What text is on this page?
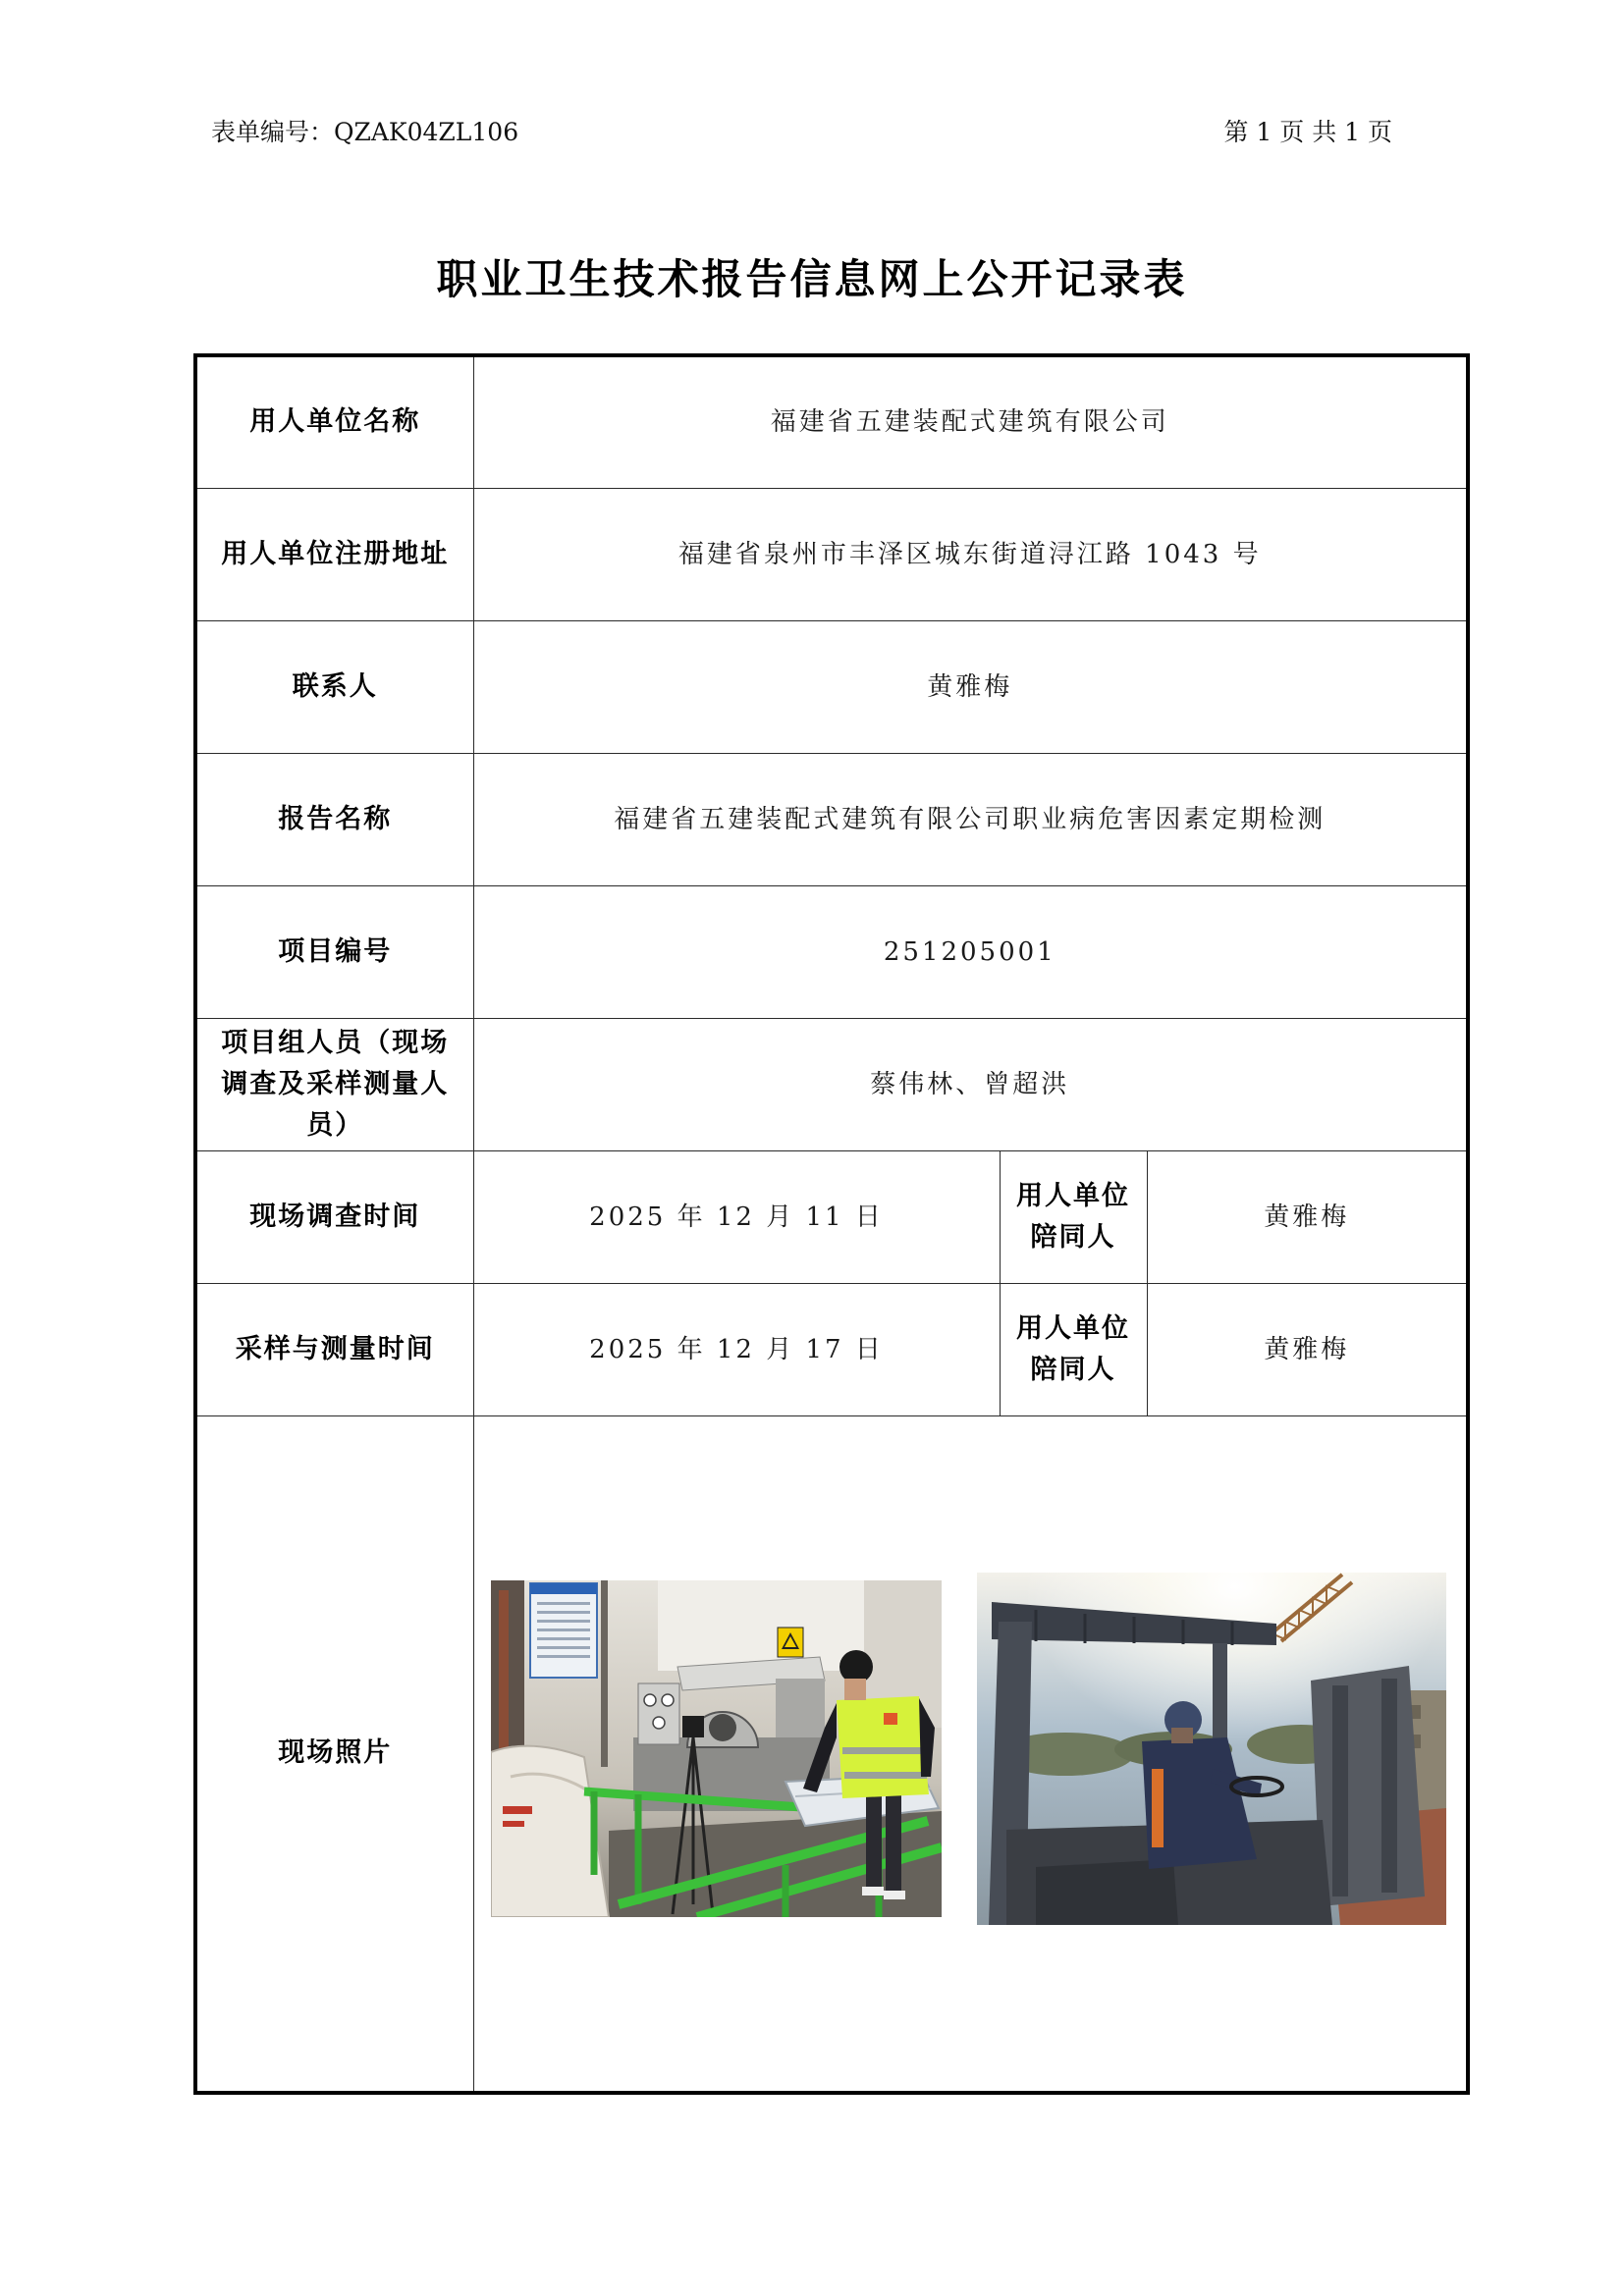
表单编号：QZAK04ZL106	第 1 页 共 1 页
职业卫生技术报告信息网上公开记录表
用人单位名称	福建省五建装配式建筑有限公司		
用人单位注册地址	福建省泉州市丰泽区城东街道浔江路 1043 号		
联系人	黄雅梅		
报告名称	福建省五建装配式建筑有限公司职业病危害因素定期检测		
项目编号	251205001		
项目组人员（现场调查及采样测量人员）	蔡伟林、曾超洪		
现场调查时间	2025 年 12 月 11 日	用人单位陪同人	黄雅梅
采样与测量时间	2025 年 12 月 17 日	用人单位陪同人	黄雅梅
现场照片			
